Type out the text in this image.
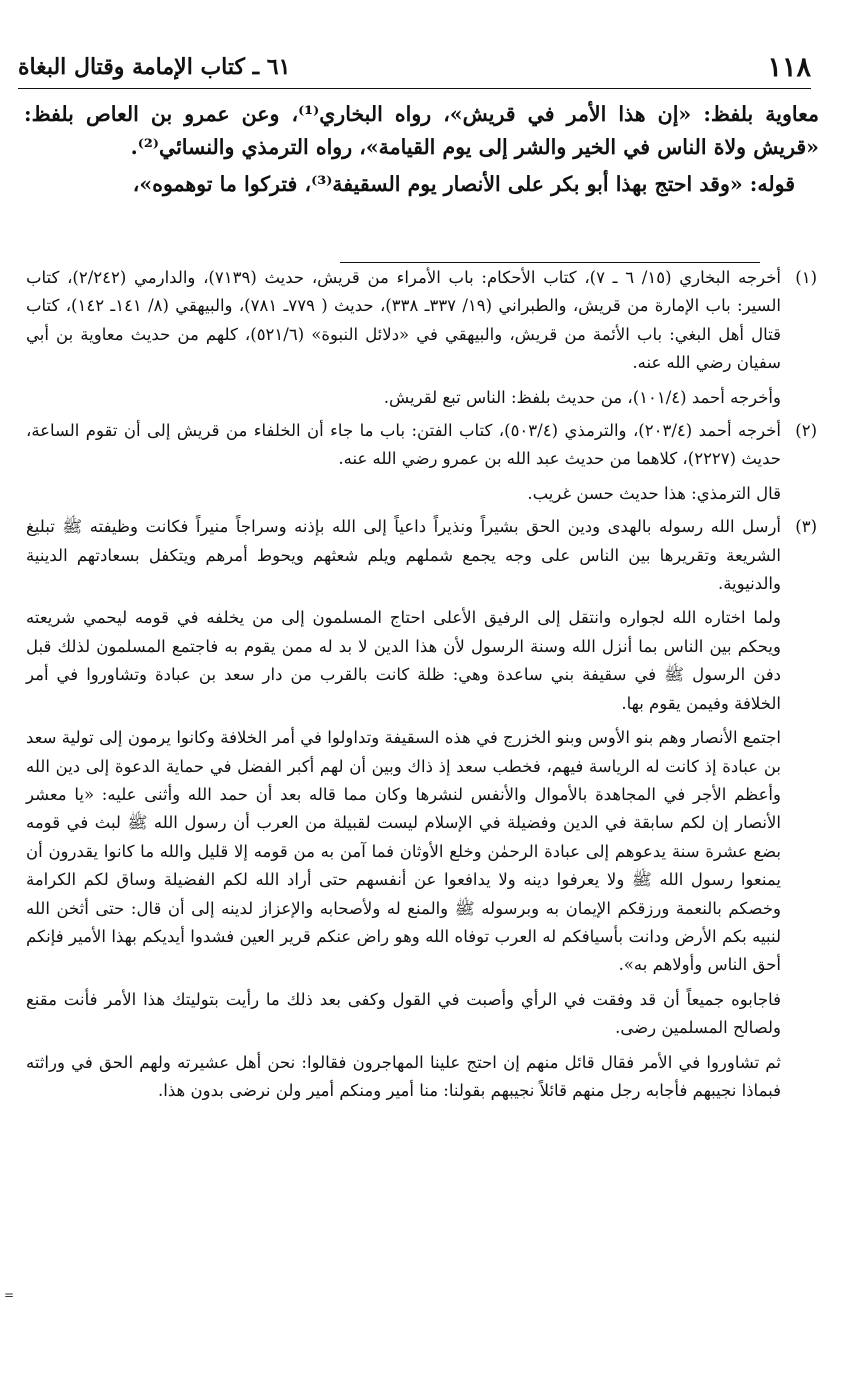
١١٨
٦١ ـ كتاب الإمامة وقتال البغاة

معاوية بلفظ: «إن هذا الأمر في قريش»، رواه البخاري⁽¹⁾، وعن عمرو بن العاص بلفظ: «قريش ولاة الناس في الخير والشر إلى يوم القيامة»، رواه الترمذي والنسائي⁽²⁾.

قوله: «وقد احتج بهذا أبو بكر على الأنصار يوم السقيفة⁽³⁾، فتركوا ما توهموه»،

(١)

أخرجه البخاري (١٥/ ٦ ـ ٧)، كتاب الأحكام: باب الأمراء من قريش، حديث (٧١٣٩)، والدارمي (٢/٢٤٢)، كتاب السير: باب الإمارة من قريش، والطبراني (١٩/ ٣٣٧ـ ٣٣٨)، حديث ( ٧٧٩ـ ٧٨١)، والبيهقي (٨/ ١٤١ـ ١٤٢)، كتاب قتال أهل البغي: باب الأئمة من قريش، والبيهقي في «دلائل النبوة» (٥٢١/٦)، كلهم من حديث معاوية بن أبي سفيان رضي الله عنه.

وأخرجه أحمد (١٠١/٤)، من حديث بلفظ: الناس تبع لقريش.

(٢)

أخرجه أحمد (٢٠٣/٤)، والترمذي (٥٠٣/٤)، كتاب الفتن: باب ما جاء أن الخلفاء من قريش إلى أن تقوم الساعة، حديث (٢٢٢٧)، كلاهما من حديث عبد الله بن عمرو رضي الله عنه.

قال الترمذي: هذا حديث حسن غريب.

(٣)

أرسل الله رسوله بالهدى ودين الحق بشيراً ونذيراً داعياً إلى الله بإذنه وسراجاً منيراً فكانت وظيفته ﷺ تبليغ الشريعة وتقريرها بين الناس على وجه يجمع شملهم ويلم شعثهم ويحوط أمرهم ويتكفل بسعادتهم الدينية والدنيوية.

ولما اختاره الله لجواره وانتقل إلى الرفيق الأعلى احتاج المسلمون إلى من يخلفه في قومه ليحمي شريعته ويحكم بين الناس بما أنزل الله وسنة الرسول لأن هذا الدين لا بد له ممن يقوم به فاجتمع المسلمون لذلك قبل دفن الرسول ﷺ في سقيفة بني ساعدة وهي: ظلة كانت بالقرب من دار سعد بن عبادة وتشاوروا في أمر الخلافة وفيمن يقوم بها.

اجتمع الأنصار وهم بنو الأوس وبنو الخزرج في هذه السقيفة وتداولوا في أمر الخلافة وكانوا يرمون إلى تولية سعد بن عبادة إذ كانت له الرياسة فيهم، فخطب سعد إذ ذاك وبين أن لهم أكبر الفضل في حماية الدعوة إلى دين الله وأعظم الأجر في المجاهدة بالأموال والأنفس لنشرها وكان مما قاله بعد أن حمد الله وأثنى عليه: «يا معشر الأنصار إن لكم سابقة في الدين وفضيلة في الإسلام ليست لقبيلة من العرب أن رسول الله ﷺ لبث في قومه بضع عشرة سنة يدعوهم إلى عبادة الرحمٰن وخلع الأوثان فما آمن به من قومه إلا قليل والله ما كانوا يقدرون أن يمنعوا رسول الله ﷺ ولا يعرفوا دينه ولا يدافعوا عن أنفسهم حتى أراد الله لكم الفضيلة وساق لكم الكرامة وخصكم بالنعمة ورزقكم الإيمان به وبرسوله ﷺ والمنع له ولأصحابه والإعزاز لدينه إلى أن قال: حتى أثخن الله لنبيه بكم الأرض ودانت بأسيافكم له العرب توفاه الله وهو راض عنكم قرير العين فشدوا أيديكم بهذا الأمير فإنكم أحق الناس وأولاهم به».

فاجابوه جميعاً أن قد وفقت في الرأي وأصبت في القول وكفى بعد ذلك ما رأيت بتوليتك هذا الأمر فأنت مقنع ولصالح المسلمين رضى.

ثم تشاوروا في الأمر فقال قائل منهم إن احتج علينا المهاجرون فقالوا: نحن أهل عشيرته ولهم الحق في وراثته فبماذا نجيبهم فأجابه رجل منهم قائلاً نجيبهم بقولنا: منا أمير ومنكم أمير ولن نرضى بدون هذا.

=
